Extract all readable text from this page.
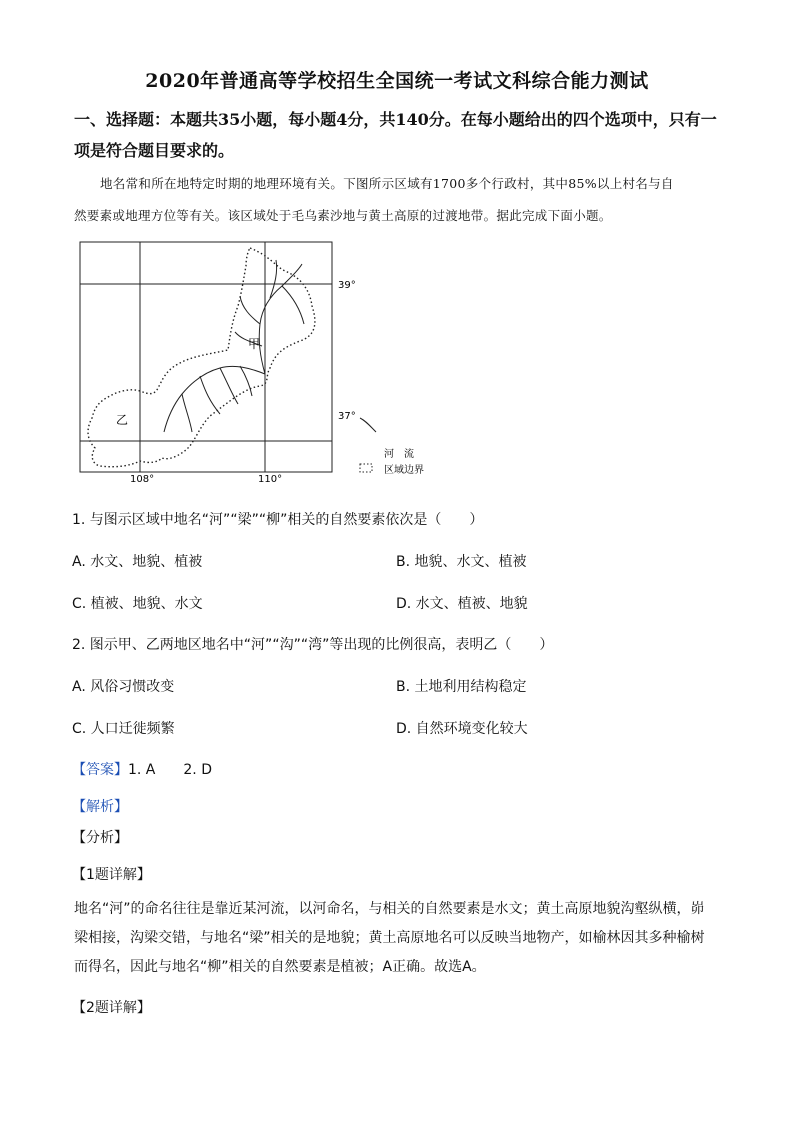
2020年普通高等学校招生全国统一考试文科综合能力测试
一、选择题：本题共35小题，每小题4分，共140分。在每小题给出的四个选项中，只有一
项是符合题目要求的。
地名常和所在地特定时期的地理环境有关。下图所示区域有1700多个行政村，其中85%以上村名与自
然要素或地理方位等有关。该区域处于毛乌素沙地与黄土高原的过渡地带。据此完成下面小题。
甲
乙
39°
37°
108°	110°
河　流
区域边界
1. 与图示区域中地名“河”“梁”“柳”相关的自然要素依次是（　　）
A. 水文、地貌、植被	B. 地貌、水文、植被
C. 植被、地貌、水文	D. 水文、植被、地貌
2. 图示甲、乙两地区地名中“河”“沟”“湾”等出现的比例很高，表明乙（　　）
A. 风俗习惯改变	B. 土地利用结构稳定
C. 人口迁徙频繁	D. 自然环境变化较大
【答案】1. A　　2. D
【解析】
【分析】
【1题详解】
地名“河”的命名往往是靠近某河流，以河命名，与相关的自然要素是水文；黄土高原地貌沟壑纵横，峁
梁相接，沟梁交错，与地名“梁”相关的是地貌；黄土高原地名可以反映当地物产，如榆林因其多种榆树
而得名，因此与地名“柳”相关的自然要素是植被；A正确。故选A。
【2题详解】
